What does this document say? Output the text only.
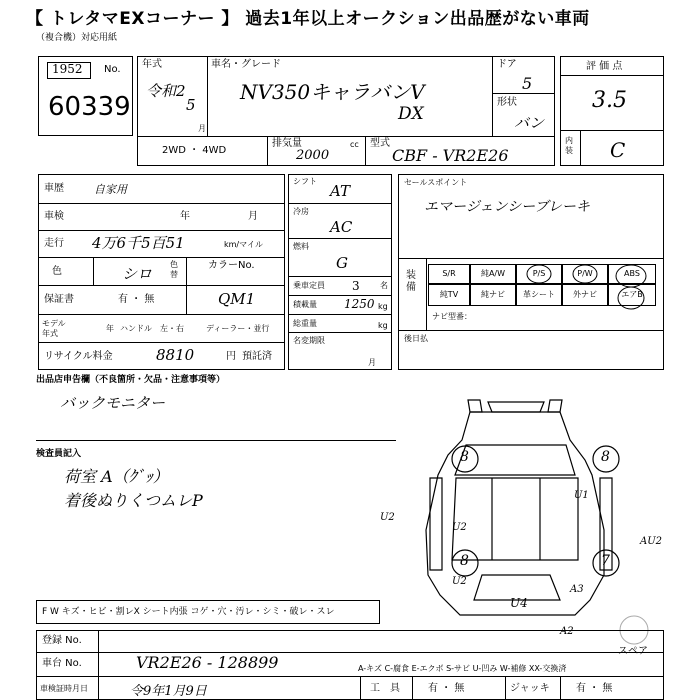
【 トレタマEXコーナー 】 過去1年以上オークション出品歴がない車両
（複合機）対応用紙
1952 No.
60339
年式
令和2
5
月
車名・グレード
NV350キャラバンV
DX
ドア
5
形状
バン
2WD ・ 4WD
排気量
2000
cc 型式
CBF - VR2E26
評 価 点
3.5
内装 C
車歴	自家用
車検	年	月
走行 4万6千5百51	km/マイル
色	シロ
色替
カラーNo.
保証書	有 ・ 無	QM1
モデル年式
年 ハンドル　左・右	ディーラー・並行
リサイクル料金	8810	円 預託済
シフト
AT
冷房
AC
燃料
G
乗車定員 3	名
積載量 1250 kg
総重量	kg
名変期限
月
セールスポイント
エマージェンシーブレーキ
装備
S/R	純A/W	P/S	P/W	ABS
純TV	純ナビ	革シート	外ナビ	エアB
ナビ型番：
後日払
出品店申告欄（不良箇所・欠品・注意事項等）
バックモニター
検査員記入
荷室 A（ｸﾞｯ）
着後ぬりくつムレP
8	8
8	7
U1
U2
U2
U2
U4
A3
A2
AU2
スペア
F W キズ・ヒビ・割レX シート内張 コゲ・穴・汚レ・シミ・破レ・スレ
登録 No.
車台 No.	VR2E26 - 128899	A-キズ C-腐食 E-エクボ S-サビ U-凹み W-補修 XX-交換済
車検証時月日	令9年1月9日	工　具	有 ・ 無	ジャッキ	有 ・ 無
